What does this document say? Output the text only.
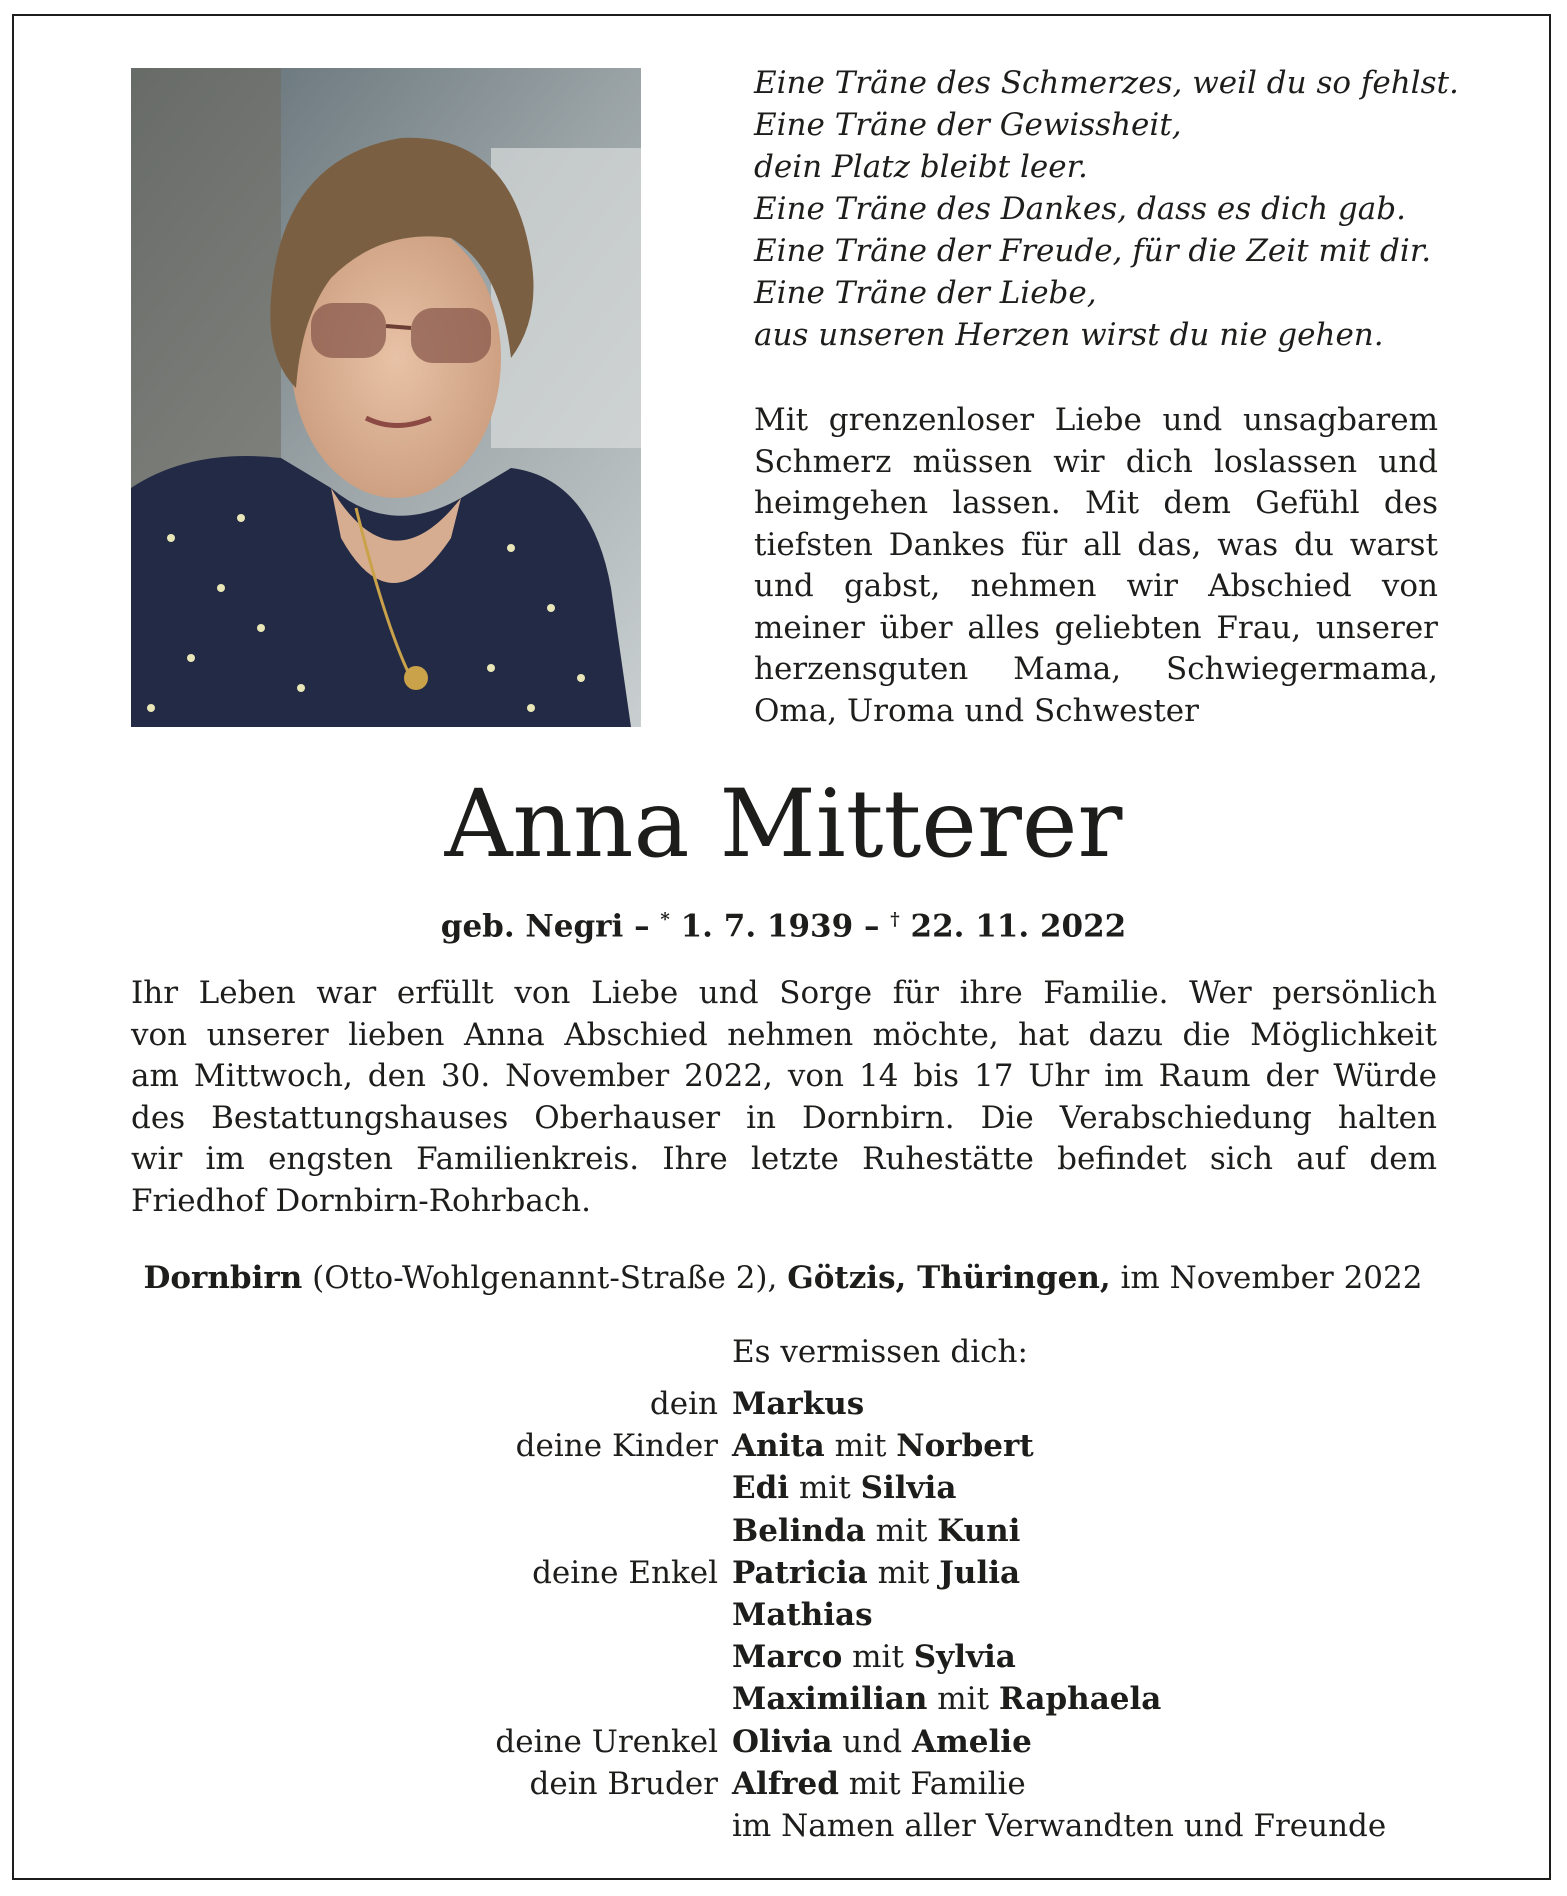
Eine Träne des Schmerzes, weil du so fehlst.
Eine Träne der Gewissheit,
dein Platz bleibt leer.
Eine Träne des Dankes, dass es dich gab.
Eine Träne der Freude, für die Zeit mit dir.
Eine Träne der Liebe,
aus unseren Herzen wirst du nie gehen.
Mit grenzenloser Liebe und unsagbarem
Schmerz müssen wir dich loslassen und
heimgehen lassen. Mit dem Gefühl des
tiefsten Dankes für all das, was du warst
und gabst, nehmen wir Abschied von
meiner über alles geliebten Frau, unserer
herzensguten Mama, Schwiegermama,
Oma, Uroma und Schwester
Anna Mitterer
geb. Negri – * 1. 7. 1939 – † 22. 11. 2022
Ihr Leben war erfüllt von Liebe und Sorge für ihre Familie. Wer persönlich
von unserer lieben Anna Abschied nehmen möchte, hat dazu die Möglichkeit
am Mittwoch, den 30. November 2022, von 14 bis 17 Uhr im Raum der Würde
des Bestattungshauses Oberhauser in Dornbirn. Die Verabschiedung halten
wir im engsten Familienkreis. Ihre letzte Ruhestätte befindet sich auf dem
Friedhof Dornbirn-Rohrbach.
Dornbirn (Otto-Wohlgenannt-Straße 2), Götzis, Thüringen, im November 2022
Es vermissen dich:
dein Markus
deine Kinder Anita mit Norbert
Edi mit Silvia
Belinda mit Kuni
deine Enkel Patricia mit Julia
Mathias
Marco mit Sylvia
Maximilian mit Raphaela
deine Urenkel Olivia und Amelie
dein Bruder Alfred mit Familie
im Namen aller Verwandten und Freunde
